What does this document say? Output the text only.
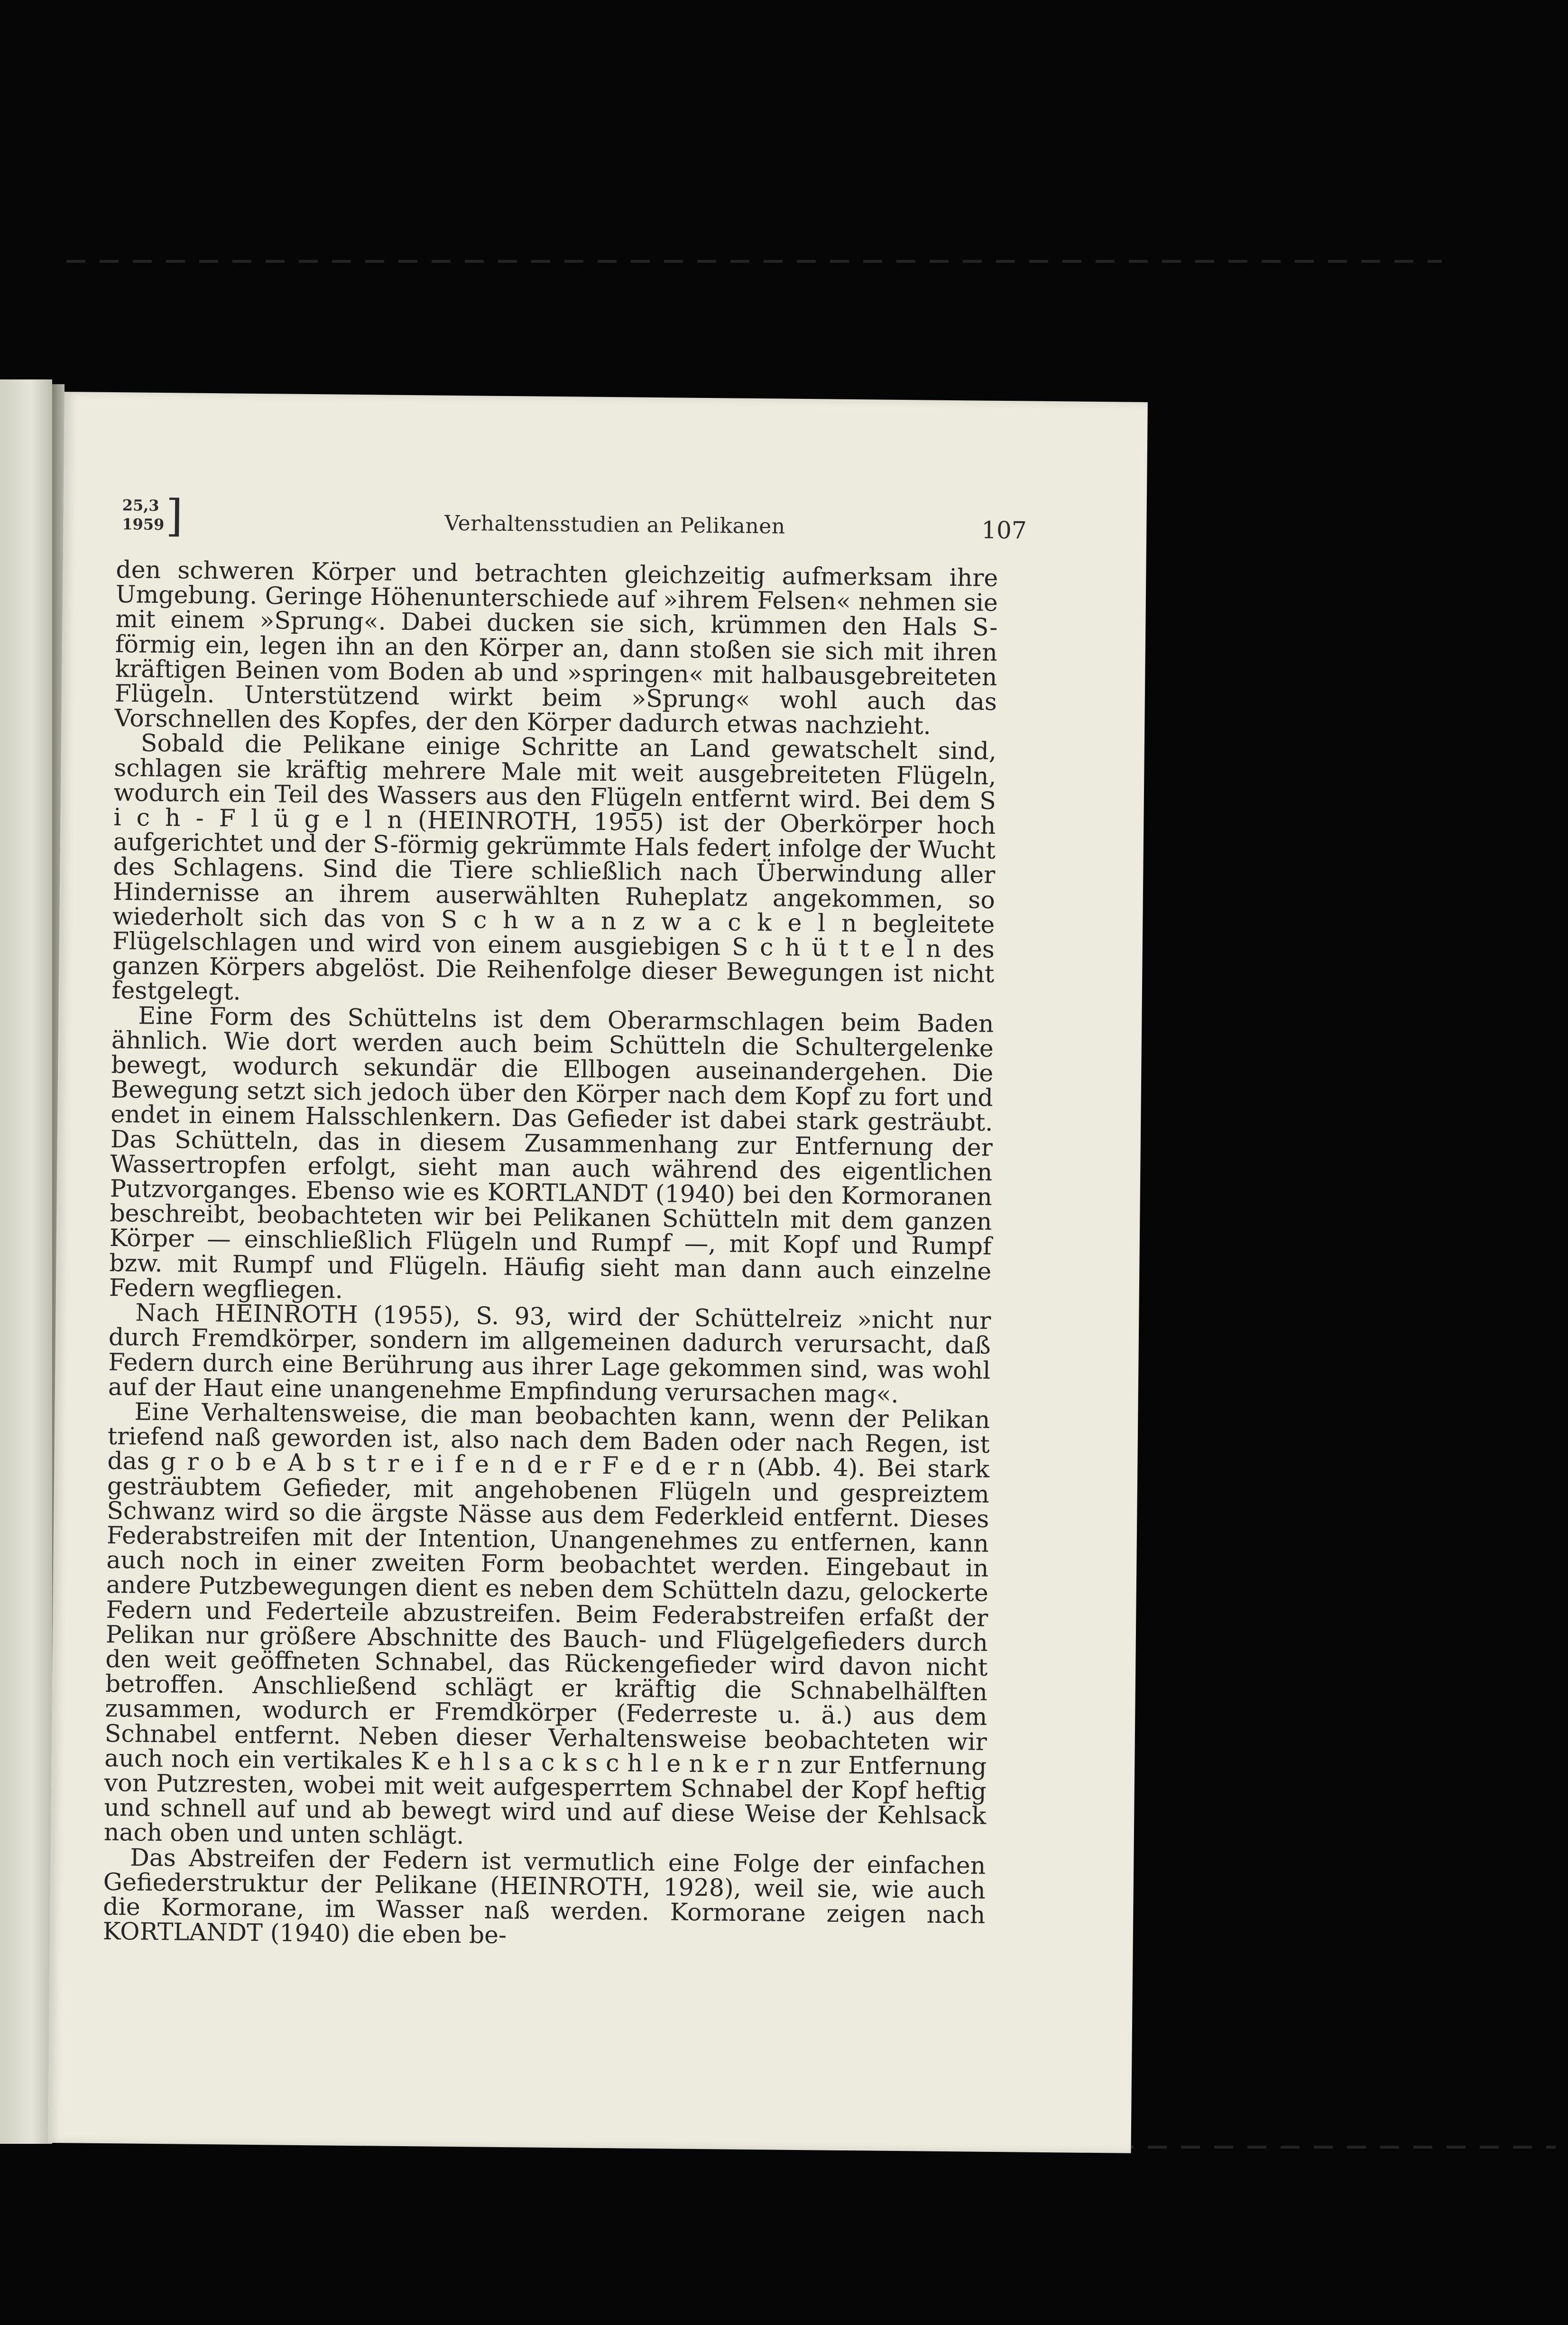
25,3
1959 ]	Verhaltensstudien an Pelikanen	107

den schweren Körper und betrachten gleichzeitig aufmerksam ihre Umgebung. Geringe Höhenunterschiede auf »ihrem Felsen« nehmen sie mit einem »Sprung«. Dabei ducken sie sich, krümmen den Hals S-förmig ein, legen ihn an den Körper an, dann stoßen sie sich mit ihren kräftigen Beinen vom Boden ab und »springen« mit halbausgebreiteten Flügeln. Unterstützend wirkt beim »Sprung« wohl auch das Vorschnellen des Kopfes, der den Körper dadurch etwas nachzieht.

Sobald die Pelikane einige Schritte an Land gewatschelt sind, schlagen sie kräftig mehrere Male mit weit ausgebreiteten Flügeln, wodurch ein Teil des Wassers aus den Flügeln entfernt wird. Bei dem S i c h - F l ü g e l n (HEINROTH, 1955) ist der Oberkörper hoch aufgerichtet und der S-förmig gekrümmte Hals federt infolge der Wucht des Schlagens. Sind die Tiere schließlich nach Überwindung aller Hindernisse an ihrem auserwählten Ruheplatz angekommen, so wiederholt sich das von S c h w a n z w a c k e l n begleitete Flügelschlagen und wird von einem ausgiebigen S c h ü t t e l n des ganzen Körpers abgelöst. Die Reihenfolge dieser Bewegungen ist nicht festgelegt.

Eine Form des Schüttelns ist dem Oberarmschlagen beim Baden ähnlich. Wie dort werden auch beim Schütteln die Schultergelenke bewegt, wodurch sekundär die Ellbogen auseinandergehen. Die Bewegung setzt sich jedoch über den Körper nach dem Kopf zu fort und endet in einem Halsschlenkern. Das Gefieder ist dabei stark gesträubt. Das Schütteln, das in diesem Zusammenhang zur Entfernung der Wassertropfen erfolgt, sieht man auch während des eigentlichen Putzvorganges. Ebenso wie es KORTLANDT (1940) bei den Kormoranen beschreibt, beobachteten wir bei Pelikanen Schütteln mit dem ganzen Körper — einschließlich Flügeln und Rumpf —, mit Kopf und Rumpf bzw. mit Rumpf und Flügeln. Häufig sieht man dann auch einzelne Federn wegfliegen.

Nach HEINROTH (1955), S. 93, wird der Schüttelreiz »nicht nur durch Fremdkörper, sondern im allgemeinen dadurch verursacht, daß Federn durch eine Berührung aus ihrer Lage gekommen sind, was wohl auf der Haut eine unangenehme Empfindung verursachen mag«.

Eine Verhaltensweise, die man beobachten kann, wenn der Pelikan triefend naß geworden ist, also nach dem Baden oder nach Regen, ist das g r o b e A b s t r e i f e n d e r F e d e r n (Abb. 4). Bei stark gesträubtem Gefieder, mit angehobenen Flügeln und gespreiztem Schwanz wird so die ärgste Nässe aus dem Federkleid entfernt. Dieses Federabstreifen mit der Intention, Unangenehmes zu entfernen, kann auch noch in einer zweiten Form beobachtet werden. Eingebaut in andere Putzbewegungen dient es neben dem Schütteln dazu, gelockerte Federn und Federteile abzustreifen. Beim Federabstreifen erfaßt der Pelikan nur größere Abschnitte des Bauch- und Flügelgefieders durch den weit geöffneten Schnabel, das Rückengefieder wird davon nicht betroffen. Anschließend schlägt er kräftig die Schnabelhälften zusammen, wodurch er Fremdkörper (Federreste u. ä.) aus dem Schnabel entfernt. Neben dieser Verhaltensweise beobachteten wir auch noch ein vertikales K e h l s a c k s c h l e n k e r n zur Entfernung von Putzresten, wobei mit weit aufgesperrtem Schnabel der Kopf heftig und schnell auf und ab bewegt wird und auf diese Weise der Kehlsack nach oben und unten schlägt.

Das Abstreifen der Federn ist vermutlich eine Folge der einfachen Gefiederstruktur der Pelikane (HEINROTH, 1928), weil sie, wie auch die Kormorane, im Wasser naß werden. Kormorane zeigen nach KORTLANDT (1940) die eben be-
